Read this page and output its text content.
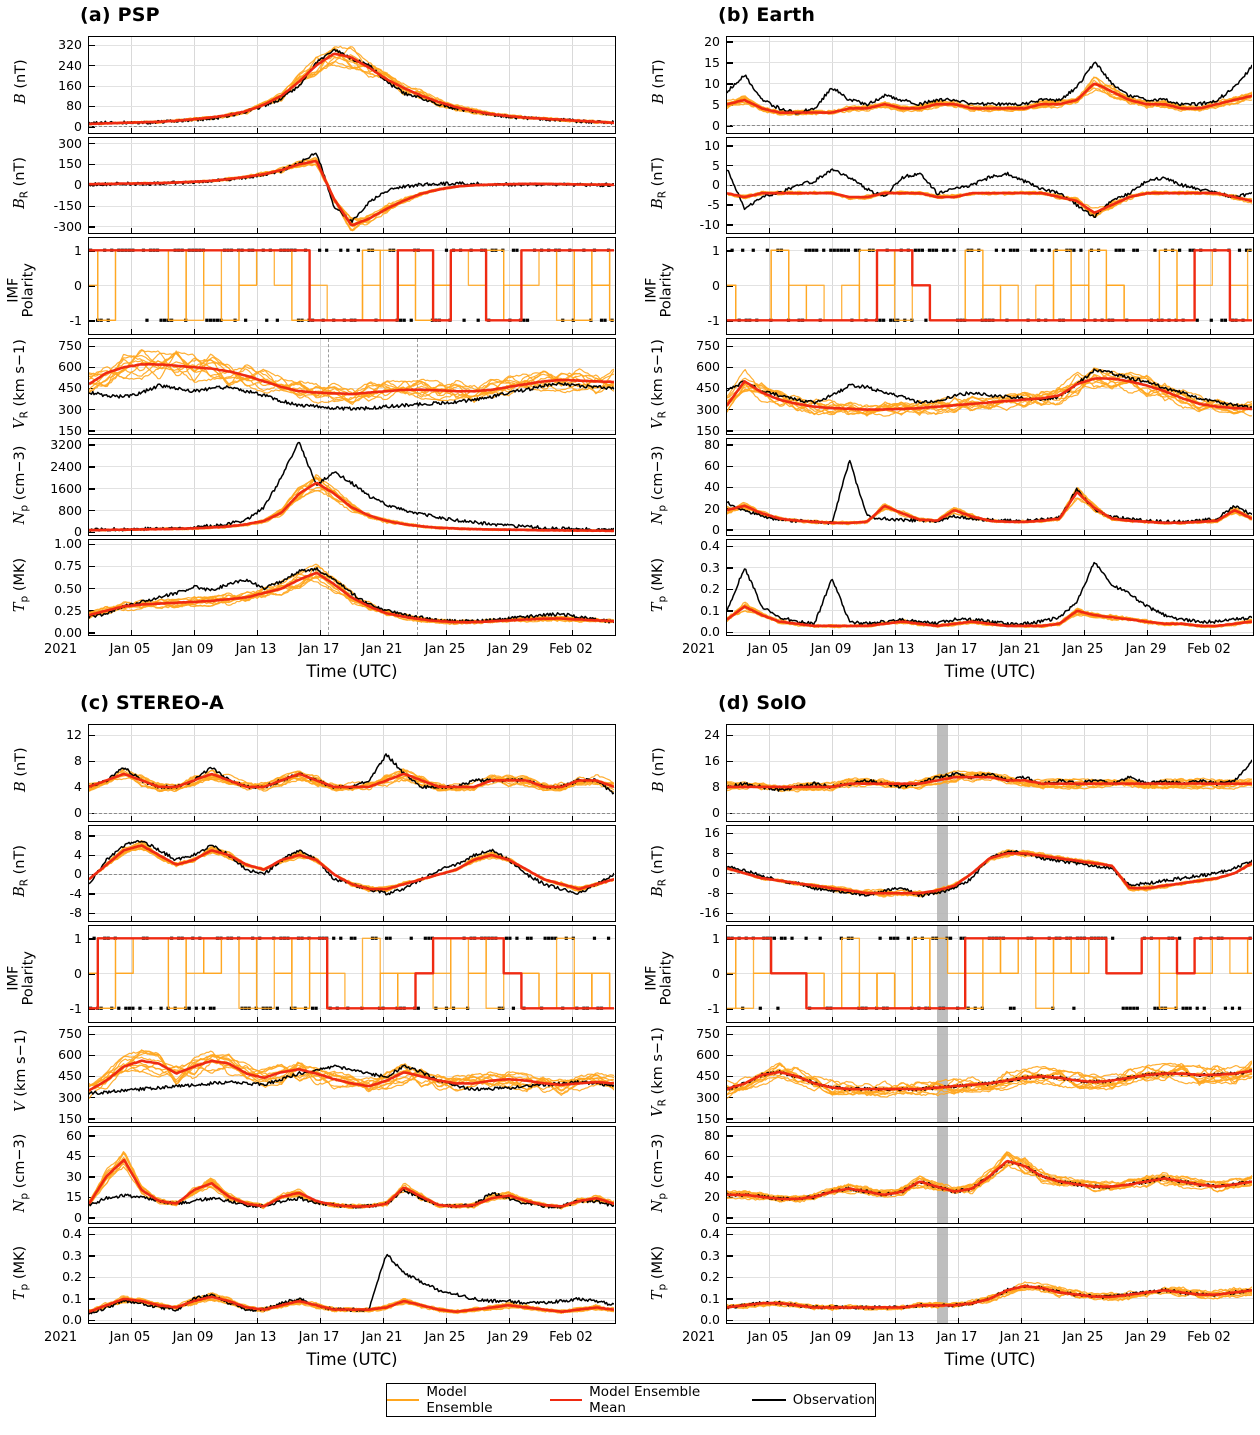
(a) PSP	(b) Earth
(c) STEREO-A	(d) SolO
Model Ensemble
Model Ensemble Mean	Observation
320
240
160
80
0
B (nT)
300
150
0
-150
-300
$B_R$ (nT)
1
0
-1
IMF
Polarity
750
600
450
300
150
$V_R$ (km s−1)
3200
2400
1600
800
0
$N_p$ (cm−3)
1.00
0.75
0.50
0.25
0.00
$T_p$ (MK)
Jan 05	Jan 09	Jan 13	Jan 17	Jan 21	Jan 25	Jan 29	Feb 02
2021
Time (UTC)
20
15
10
5
0
B (nT)
10
5
0
-5
-10
$B_R$ (nT)
1
0
-1
IMF
Polarity
750
600
450
300
150
$V_R$ (km s−1)
80
60
40
20
0
$N_p$ (cm−3)
0.4
0.3
0.2
0.1
0.0
$T_p$ (MK)
Jan 05	Jan 09	Jan 13	Jan 17	Jan 21	Jan 25	Jan 29	Feb 02
2021
Time (UTC)
12
8
4
0
B (nT)
8
4
0
-4
-8
$B_R$ (nT)
1
0
-1
IMF
Polarity
750
600
450
300
150
V (km s−1)
60
45
30
15
0
$N_p$ (cm−3)
0.4
0.3
0.2
0.1
0.0
$T_p$ (MK)
Jan 05	Jan 09	Jan 13	Jan 17	Jan 21	Jan 25	Jan 29	Feb 02
2021
Time (UTC)
24
16
8
0
B (nT)
16
8
0
-8
-16
$B_R$ (nT)
1
0
-1
IMF
Polarity
750
600
450
300
150
$V_R$ (km s−1)
80
60
40
20
0
$N_p$ (cm−3)
0.4
0.3
0.2
0.1
0.0
$T_p$ (MK)
Jan 05	Jan 09	Jan 13	Jan 17	Jan 21	Jan 25	Jan 29	Feb 02
2021
Time (UTC)
